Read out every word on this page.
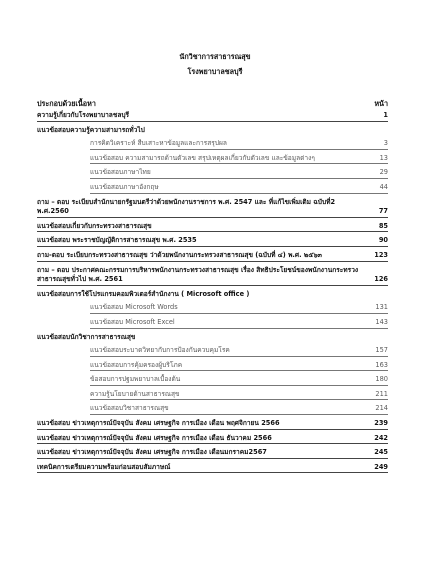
นักวิชาการสาธารณสุข
โรงพยาบาลชลบุรี
ประกอบด้วยเนื้อหา	หน้า
ความรู้เกี่ยวกับโรงพยาบาลชลบุรี	1
แนวข้อสอบความรู้ความสามารถทั่วไป
การคิดวิเคราะห์ สืบเสาะหาข้อมูลและการสรุปผล	3
แนวข้อสอบ ความสามารถด้านตัวเลข สรุปเหตุผลเกี่ยวกับตัวเลข และข้อมูลต่างๆ	13
แนวข้อสอบภาษาไทย	29
แนวข้อสอบภาษาอังกฤษ	44
ถาม – ตอบ ระเบียบสำนักนายกรัฐมนตรีว่าด้วยพนักงานราชการ พ.ศ. 2547 และ ที่แก้ไขเพิ่มเติม ฉบับที่2 พ.ศ.2560	77
แนวข้อสอบเกี่ยวกับกระทรวงสาธารณสุข	85
แนวข้อสอบ พระราชบัญญัติการสาธารณสุข พ.ศ. 2535	90
ถาม-ตอบ ระเบียบกระทรวงสาธารณสุข ว่าด้วยพนักงานกระทรวงสาธารณสุข (ฉบับที่ ๔) พ.ศ. ๒๕๖๓	123
ถาม – ตอบ ประกาศคณะกรรมการบริหารพนักงานกระทรวงสาธารณสุข เรื่อง สิทธิประโยชน์ของพนักงานกระทรวงสาธารณสุขทั่วไป พ.ศ. 2561	126
แนวข้อสอบการใช้โปรแกรมคอมพิวเตอร์สำนักงาน ( Microsoft office )
แนวข้อสอบ Microsoft Words	131
แนวข้อสอบ Microsoft Excel	143
แนวข้อสอบนักวิชาการสาธารณสุข
แนวข้อสอบระบาดวิทยากับการป้องกันควบคุมโรค	157
แนวข้อสอบการคุ้มครองผู้บริโภค	163
ข้อสอบการปฐมพยาบาลเบื้องต้น	180
ความรู้นโยบายด้านสาธารณสุข	211
แนวข้อสอบวิชาสาธารณสุข	214
แนวข้อสอบ ข่าวเหตุการณ์ปัจจุบัน สังคม เศรษฐกิจ การเมือง เดือน พฤศจิกายน 2566	239
แนวข้อสอบ ข่าวเหตุการณ์ปัจจุบัน สังคม เศรษฐกิจ การเมือง เดือน ธันวาคม 2566	242
แนวข้อสอบ ข่าวเหตุการณ์ปัจจุบัน สังคม เศรษฐกิจ การเมือง เดือนมกราคม2567	245
เทคนิคการเตรียมความพร้อมก่อนสอบสัมภาษณ์	249
